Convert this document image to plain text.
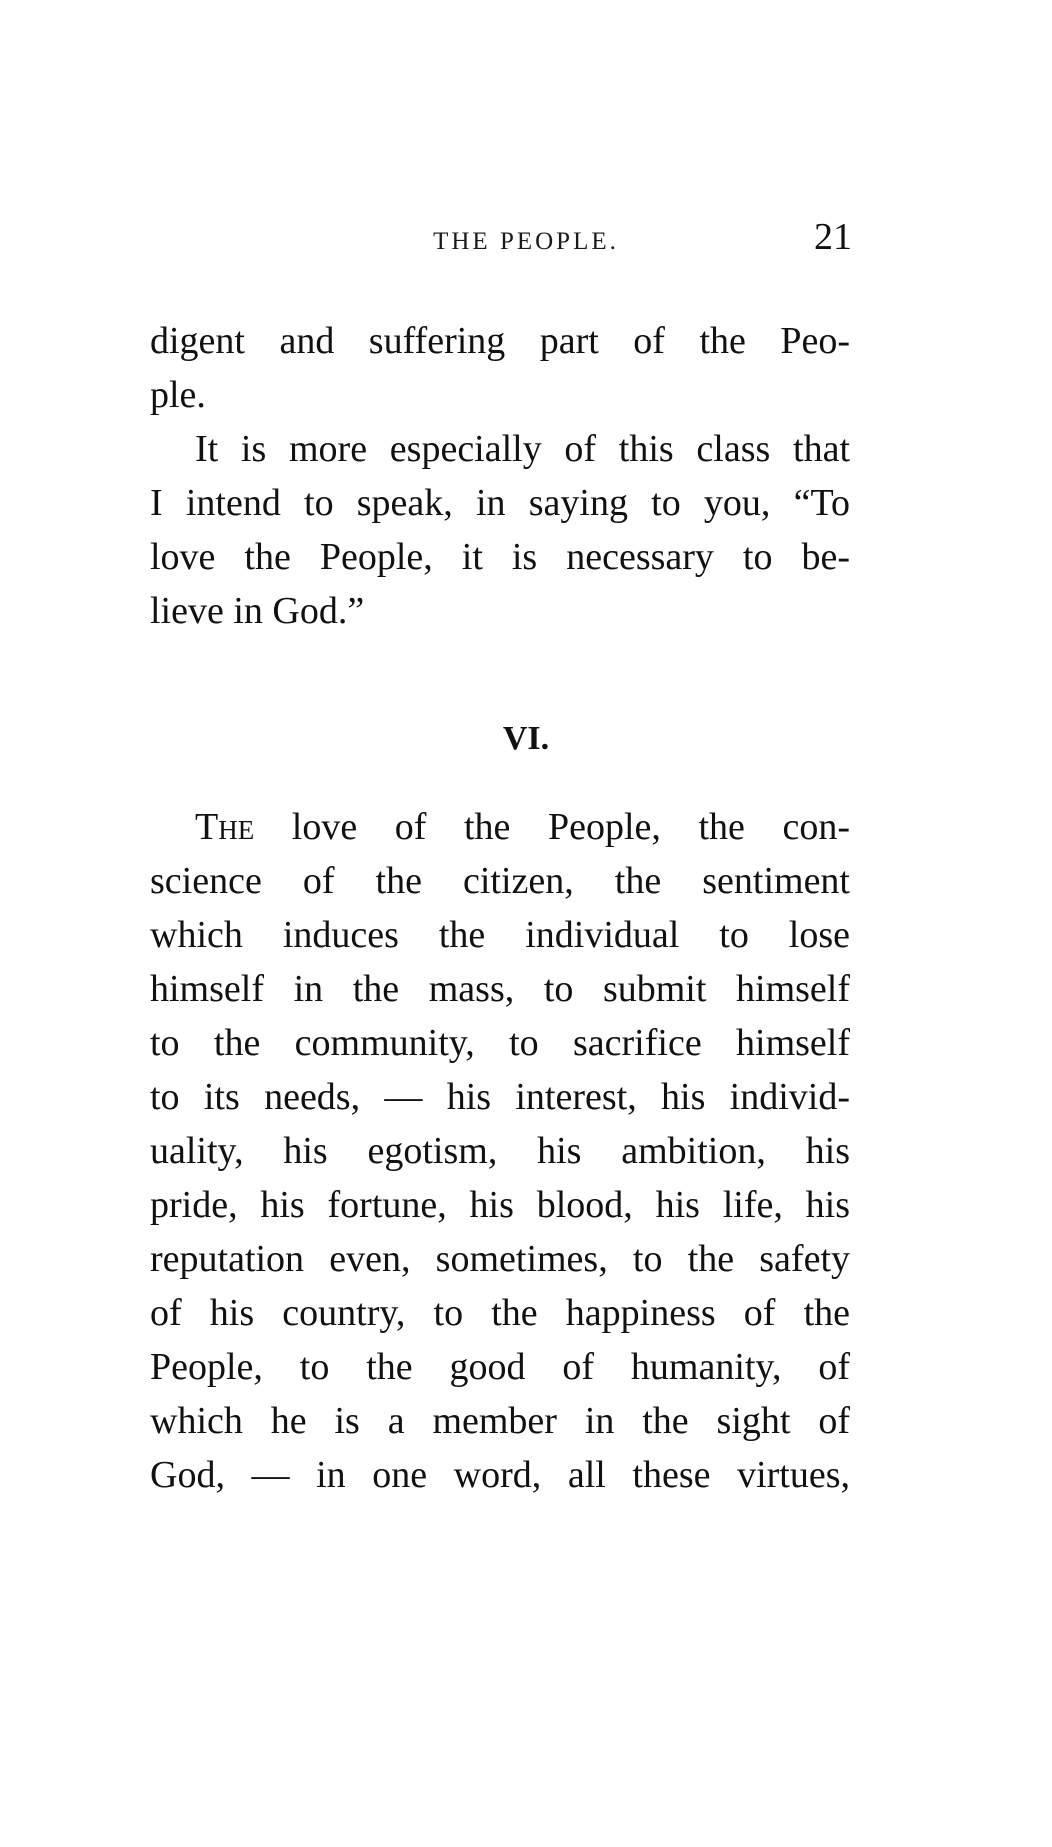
THE PEOPLE.	21
digent and suffering part of the Peo-
ple.
It is more especially of this class that
I intend to speak, in saying to you, “To
love the People, it is necessary to be-
lieve in God.”
VI.
The love of the People, the con-
science of the citizen, the sentiment
which induces the individual to lose
himself in the mass, to submit himself
to the community, to sacrifice himself
to its needs, — his interest, his individ-
uality, his egotism, his ambition, his
pride, his fortune, his blood, his life, his
reputation even, sometimes, to the safety
of his country, to the happiness of the
People, to the good of humanity, of
which he is a member in the sight of
God, — in one word, all these virtues,
